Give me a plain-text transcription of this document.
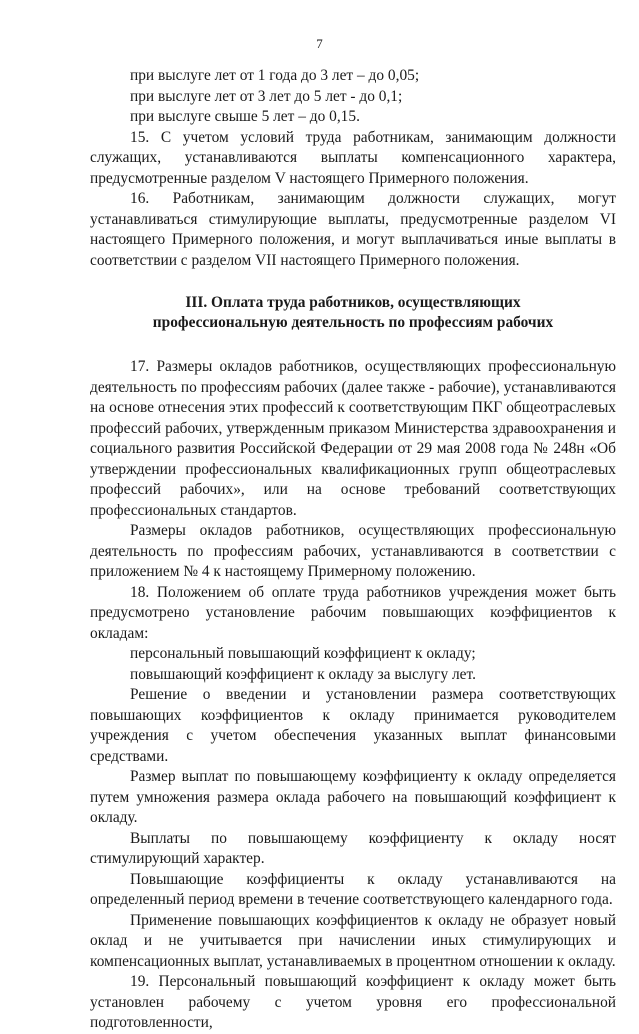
7

при выслуге лет от 1 года до 3 лет – до 0,05;

при выслуге лет от 3 лет до 5 лет - до 0,1;

при выслуге свыше 5 лет – до 0,15.

15. С учетом условий труда работникам, занимающим должности служащих, устанавливаются выплаты компенсационного характера, предусмотренные разделом V настоящего Примерного положения.

16. Работникам, занимающим должности служащих, могут устанавливаться стимулирующие выплаты, предусмотренные разделом VI настоящего Примерного положения, и могут выплачиваться иные выплаты в соответствии с разделом VII настоящего Примерного положения.

III. Оплата труда работников, осуществляющих
профессиональную деятельность по профессиям рабочих

17. Размеры окладов работников, осуществляющих профессиональную деятельность по профессиям рабочих (далее также - рабочие), устанавливаются на основе отнесения этих профессий к соответствующим ПКГ общеотраслевых профессий рабочих, утвержденным приказом Министерства здравоохранения и социального развития Российской Федерации от 29 мая 2008 года № 248н «Об утверждении профессиональных квалификационных групп общеотраслевых профессий рабочих», или на основе требований соответствующих профессиональных стандартов.

Размеры окладов работников, осуществляющих профессиональную деятельность по профессиям рабочих, устанавливаются в соответствии с приложением № 4 к настоящему Примерному положению.

18. Положением об оплате труда работников учреждения может быть предусмотрено установление рабочим повышающих коэффициентов к окладам:

персональный повышающий коэффициент к окладу;

повышающий коэффициент к окладу за выслугу лет.

Решение о введении и установлении размера соответствующих повышающих коэффициентов к окладу принимается руководителем учреждения с учетом обеспечения указанных выплат финансовыми средствами.

Размер выплат по повышающему коэффициенту к окладу определяется путем умножения размера оклада рабочего на повышающий коэффициент к окладу.

Выплаты по повышающему коэффициенту к окладу носят стимулирующий характер.

Повышающие коэффициенты к окладу устанавливаются на определенный период времени в течение соответствующего календарного года.

Применение повышающих коэффициентов к окладу не образует новый оклад и не учитывается при начислении иных стимулирующих и компенсационных выплат, устанавливаемых в процентном отношении к окладу.

19. Персональный повышающий коэффициент к окладу может быть установлен рабочему с учетом уровня его профессиональной подготовленности,
